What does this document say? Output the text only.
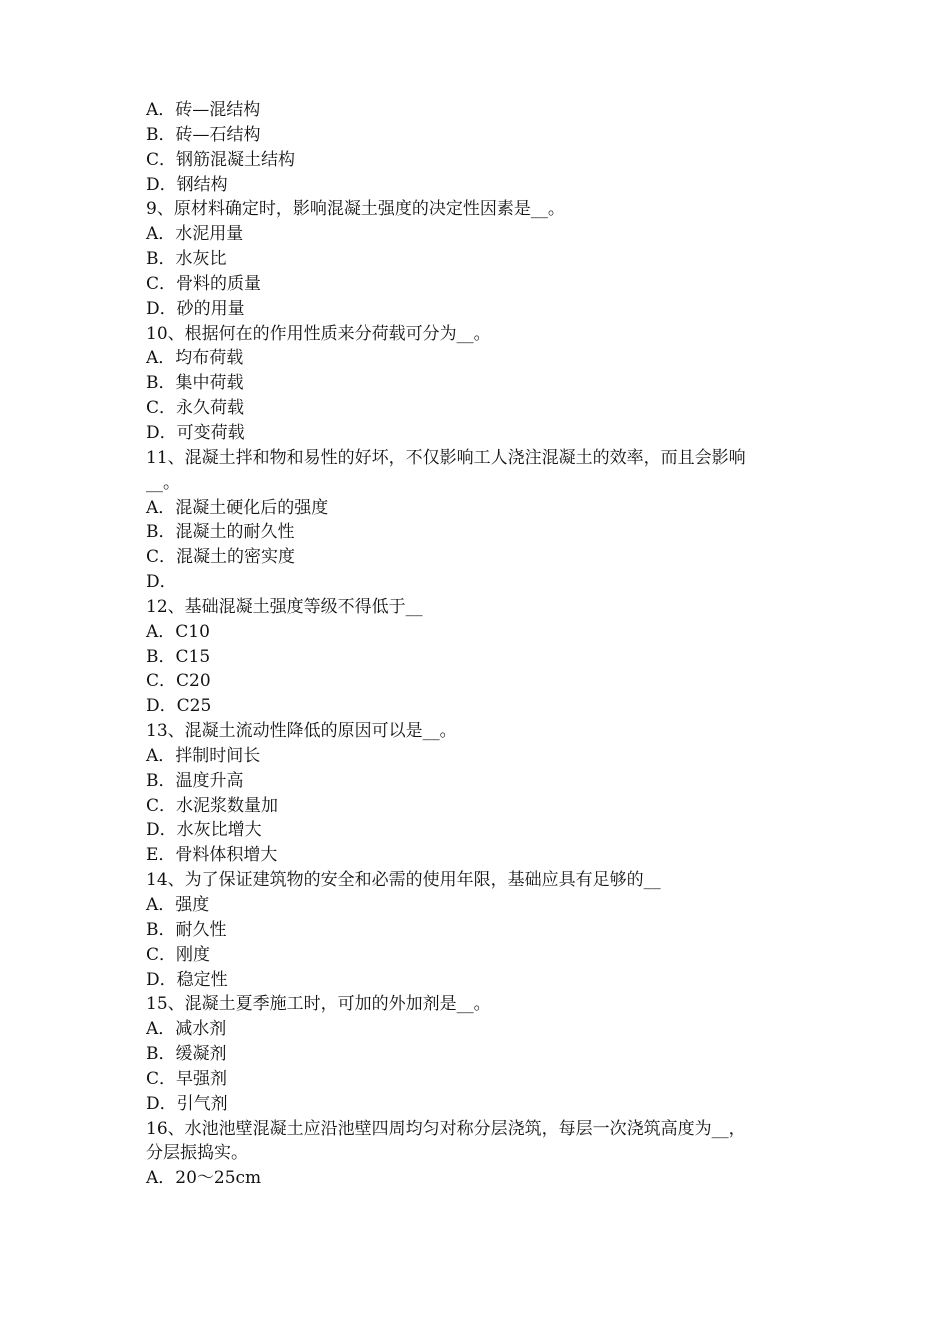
A．砖—混结构
B．砖—石结构
C．钢筋混凝土结构
D．钢结构
9、原材料确定时，影响混凝土强度的决定性因素是__。
A．水泥用量
B．水灰比
C．骨料的质量
D．砂的用量
10、根据何在的作用性质来分荷载可分为__。
A．均布荷载
B．集中荷载
C．永久荷载
D．可变荷载
11、混凝土拌和物和易性的好坏，不仅影响工人浇注混凝土的效率，而且会影响
__。
A．混凝土硬化后的强度
B．混凝土的耐久性
C．混凝土的密实度
D．
12、基础混凝土强度等级不得低于__
A．C10
B．C15
C．C20
D．C25
13、混凝土流动性降低的原因可以是__。
A．拌制时间长
B．温度升高
C．水泥浆数量加
D．水灰比增大
E．骨料体积增大
14、为了保证建筑物的安全和必需的使用年限，基础应具有足够的__
A．强度
B．耐久性
C．刚度
D．稳定性
15、混凝土夏季施工时，可加的外加剂是__。
A．减水剂
B．缓凝剂
C．早强剂
D．引气剂
16、水池池壁混凝土应沿池壁四周均匀对称分层浇筑，每层一次浇筑高度为__，
分层振捣实。
A．20～25cm
